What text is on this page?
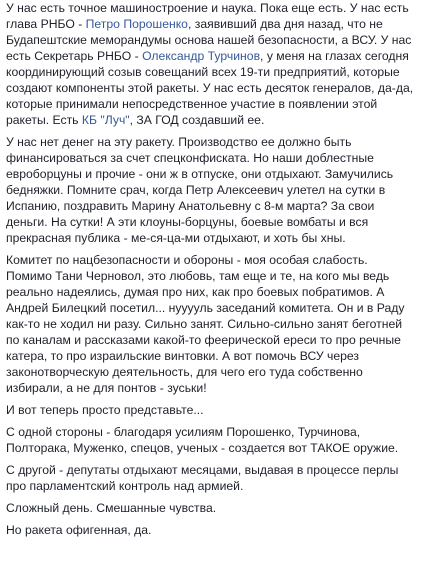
У нас есть точное машиностроение и наука. Пока еще есть. У нас есть
глава РНБО - Петро Порошенко, заявивший два дня назад, что не
Будапештские меморандумы основа нашей безопасности, а ВСУ. У нас
есть Секретарь РНБО - Олександр Турчинов, у меня на глазах сегодня
координирующий созыв совещаний всех 19-ти предприятий, которые
создают компоненты этой ракеты. У нас есть десяток генералов, да-да,
которые принимали непосредственное участие в появлении этой
ракеты. Есть КБ "Луч", ЗА ГОД создавший ее.

У нас нет денег на эту ракету. Производство ее должно быть
финансироваться за счет спецконфиската. Но наши доблестные
евроборцуны и прочие - они ж в отпуске, они отдыхают. Замучились
бедняжки. Помните срач, когда Петр Алексеевич улетел на сутки в
Испанию, поздравить Марину Анатольевну с 8-м марта? За свои
деньги. На сутки! А эти клоуны-борцуны, боевые вомбаты и вся
прекрасная публика - ме-ся-ца-ми отдыхают, и хоть бы хны.

Комитет по нацбезопасности и обороны - моя особая слабость.
Помимо Тани Черновол, это любовь, там еще и те, на кого мы ведь
реально надеялись, думая про них, как про боевых побратимов. А
Андрей Билецкий посетил... нууууль заседаний комитета. Он и в Раду
как-то не ходил ни разу. Сильно занят. Сильно-сильно занят беготней
по каналам и рассказами какой-то феерической ереси то про речные
катера, то про израильские винтовки. А вот помочь ВСУ через
законотворческую деятельность, для чего его туда собственно
избирали, а не для понтов - зуськи!

И вот теперь просто представьте...

С одной стороны - благодаря усилиям Порошенко, Турчинова,
Полторака, Муженко, спецов, ученых - создается вот ТАКОЕ оружие.

С другой - депутаты отдыхают месяцами, выдавая в процессе перлы
про парламентский контроль над армией.

Сложный день. Смешанные чувства.

Но ракета офигенная, да.
